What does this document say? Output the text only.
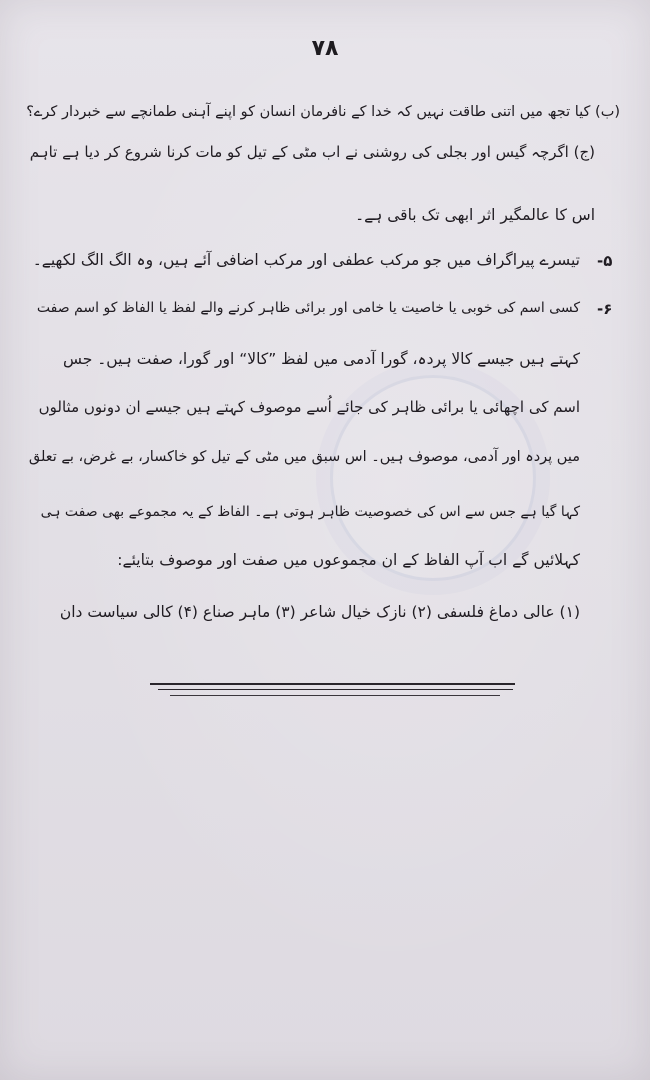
۷۸
(ب) کیا تجھ میں اتنی طاقت نہیں کہ خدا کے نافرمان انسان کو اپنے آہنی طمانچے سے خبردار کرے؟
(ج) اگرچہ گیس اور بجلی کی روشنی نے اب مٹی کے تیل کو مات کرنا شروع کر دیا ہے تاہم
اس کا عالمگیر اثر ابھی تک باقی ہے۔
-۵
تیسرے پیراگراف میں جو مرکب عطفی اور مرکب اضافی آئے ہیں، وہ الگ الگ لکھیے۔
-۶
کسی اسم کی خوبی یا خاصیت یا خامی اور برائی ظاہر کرنے والے لفظ یا الفاظ کو اسم صفت
کہتے ہیں جیسے کالا پردہ، گورا آدمی میں لفظ ”کالا“ اور گورا، صفت ہیں۔ جس
اسم کی اچھائی یا برائی ظاہر کی جائے اُسے موصوف کہتے ہیں جیسے ان دونوں مثالوں
میں پردہ اور آدمی، موصوف ہیں۔ اس سبق میں مٹی کے تیل کو خاکسار، بے غرض، بے تعلق
کہا گیا ہے جس سے اس کی خصوصیت ظاہر ہوتی ہے۔ الفاظ کے یہ مجموعے بھی صفت ہی
کہلائیں گے اب آپ الفاظ کے ان مجموعوں میں صفت اور موصوف بتایئے:
(۱) عالی دماغ فلسفی (۲) نازک خیال شاعر (۳) ماہر صناع (۴) کالی سیاست دان
